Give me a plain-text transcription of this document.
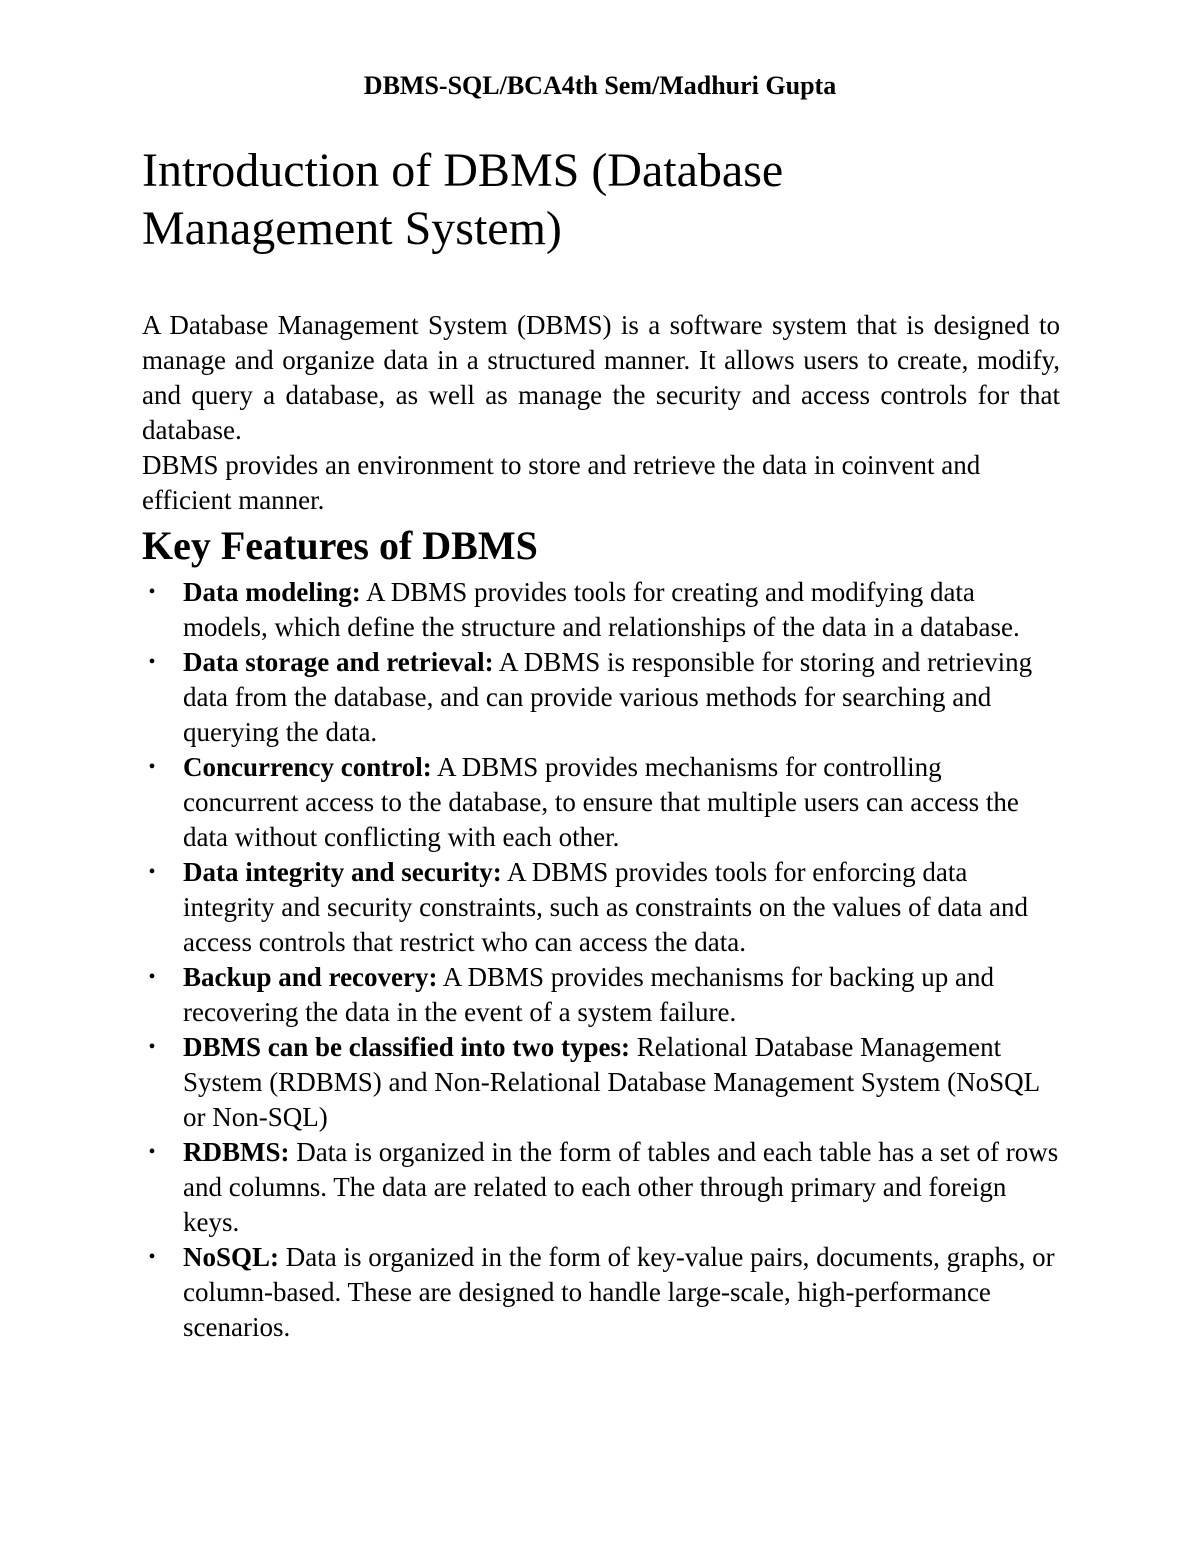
DBMS-SQL/BCA4th Sem/Madhuri Gupta
Introduction of DBMS (Database
Management System)

A Database Management System (DBMS) is a software system that is designed to manage and organize data in a structured manner. It allows users to create, modify, and query a database, as well as manage the security and access controls for that database.

DBMS provides an environment to store and retrieve the data in coinvent and efficient manner.

Key Features of DBMS
• Data modeling: A DBMS provides tools for creating and modifying data models, which define the structure and relationships of the data in a database.
• Data storage and retrieval: A DBMS is responsible for storing and retrieving data from the database, and can provide various methods for searching and querying the data.
• Concurrency control: A DBMS provides mechanisms for controlling concurrent access to the database, to ensure that multiple users can access the data without conflicting with each other.
• Data integrity and security: A DBMS provides tools for enforcing data integrity and security constraints, such as constraints on the values of data and access controls that restrict who can access the data.
• Backup and recovery: A DBMS provides mechanisms for backing up and recovering the data in the event of a system failure.
• DBMS can be classified into two types: Relational Database Management System (RDBMS) and Non-Relational Database Management System (NoSQL or Non-SQL)
• RDBMS: Data is organized in the form of tables and each table has a set of rows and columns. The data are related to each other through primary and foreign keys.
• NoSQL: Data is organized in the form of key-value pairs, documents, graphs, or column-based. These are designed to handle large-scale, high-performance scenarios.
